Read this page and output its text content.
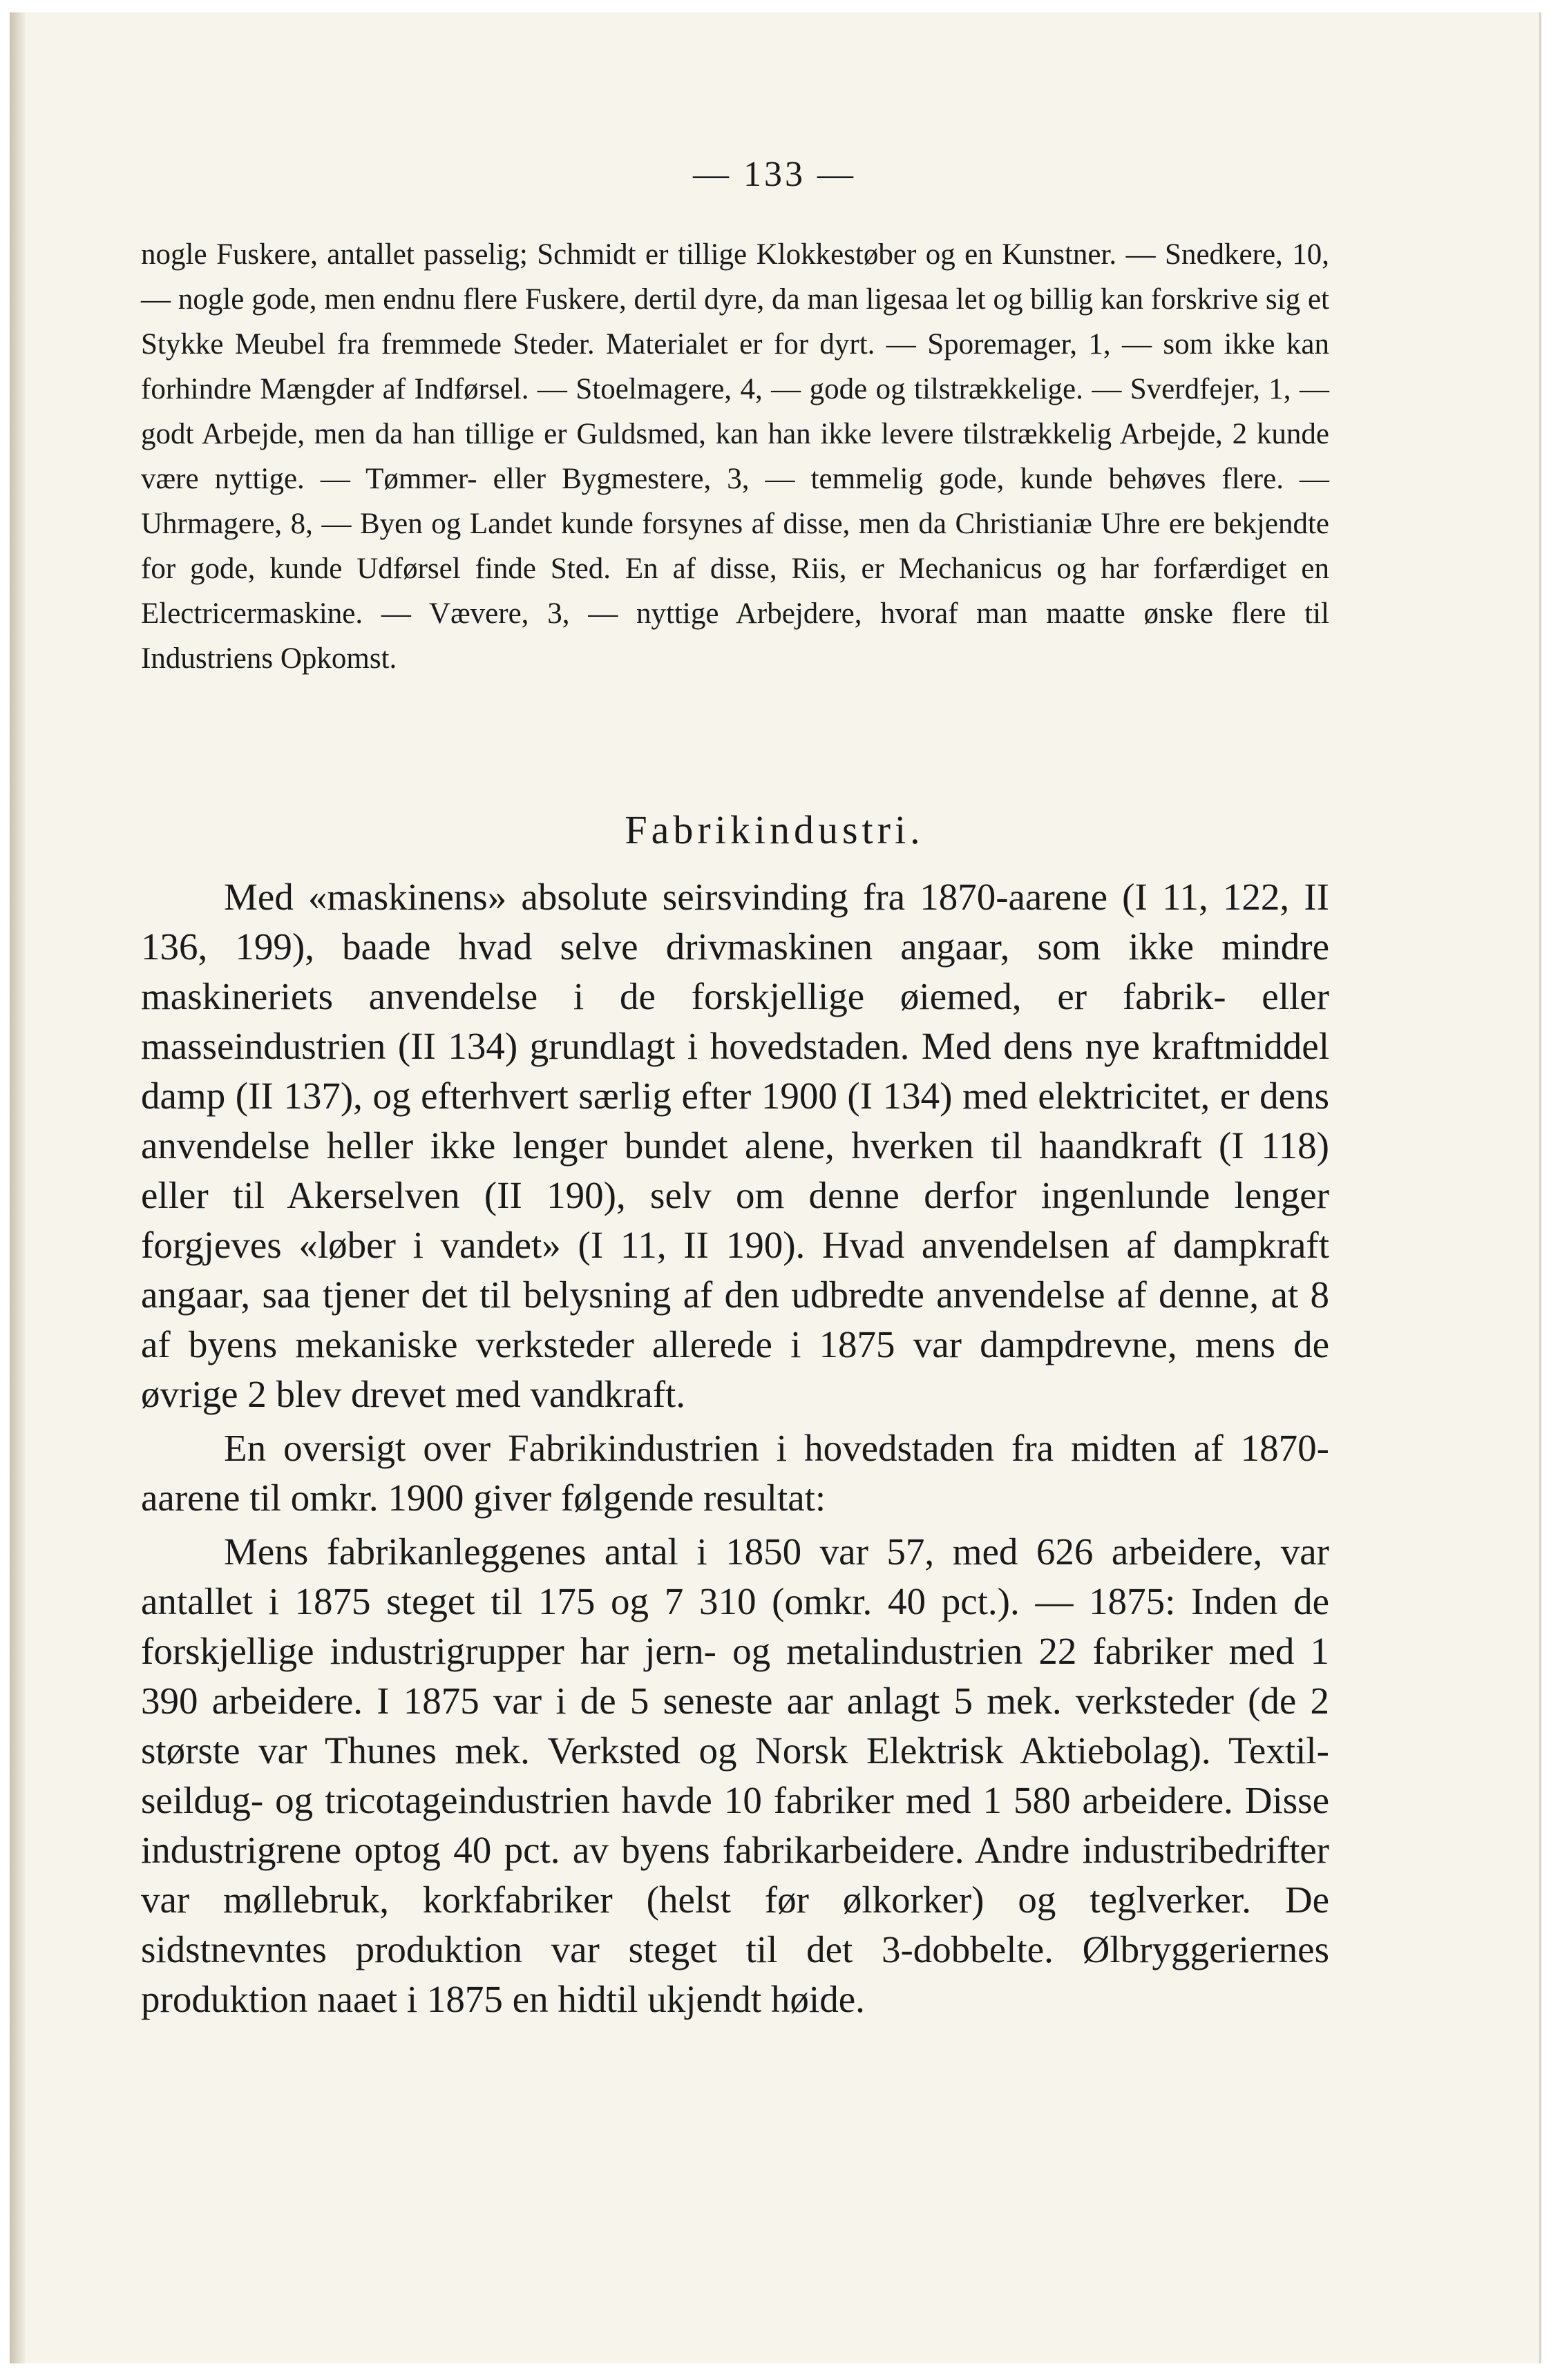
— 133 —

nogle Fuskere, antallet passelig; Schmidt er tillige Klokkestøber og en Kunstner. — Snedkere, 10, — nogle gode, men endnu flere Fuskere, dertil dyre, da man ligesaa let og billig kan forskrive sig et Stykke Meubel fra fremmede Steder. Materialet er for dyrt. — Sporemager, 1, — som ikke kan forhindre Mængder af Indførsel. — Stoelmagere, 4, — gode og tilstrækkelige. — Sverdfejer, 1, — godt Arbejde, men da han tillige er Guldsmed, kan han ikke levere tilstrækkelig Arbejde, 2 kunde være nyttige. — Tømmer- eller Bygmestere, 3, — temmelig gode, kunde behøves flere. — Uhrmagere, 8, — Byen og Landet kunde forsynes af disse, men da Christianiæ Uhre ere bekjendte for gode, kunde Udførsel finde Sted. En af disse, Riis, er Mechanicus og har forfærdiget en Electricermaskine. — Vævere, 3, — nyttige Arbejdere, hvoraf man maatte ønske flere til Industriens Opkomst.

Fabrikindustri.

Med «maskinens» absolute seirsvinding fra 1870-aarene (I 11, 122, II 136, 199), baade hvad selve drivmaskinen angaar, som ikke mindre maskineriets anvendelse i de forskjellige øiemed, er fabrik- eller masseindustrien (II 134) grundlagt i hovedstaden. Med dens nye kraftmiddel damp (II 137), og efterhvert særlig efter 1900 (I 134) med elektricitet, er dens anvendelse heller ikke lenger bundet alene, hverken til haandkraft (I 118) eller til Akerselven (II 190), selv om denne derfor ingenlunde lenger forgjeves «løber i vandet» (I 11, II 190). Hvad anvendelsen af dampkraft angaar, saa tjener det til belysning af den udbredte anvendelse af denne, at 8 af byens mekaniske verksteder allerede i 1875 var dampdrevne, mens de øvrige 2 blev drevet med vandkraft.

En oversigt over Fabrikindustrien i hovedstaden fra midten af 1870-aarene til omkr. 1900 giver følgende resultat:

Mens fabrikanleggenes antal i 1850 var 57, med 626 arbeidere, var antallet i 1875 steget til 175 og 7 310 (omkr. 40 pct.). — 1875: Inden de forskjellige industrigrupper har jern- og metalindustrien 22 fabriker med 1 390 arbeidere. I 1875 var i de 5 seneste aar anlagt 5 mek. verksteder (de 2 største var Thunes mek. Verksted og Norsk Elektrisk Aktiebolag). Textil- seildug- og tricotageindustrien havde 10 fabriker med 1 580 arbeidere. Disse industrigrene optog 40 pct. av byens fabrikarbeidere. Andre industribedrifter var møllebruk, korkfabriker (helst før ølkorker) og teglverker. De sidstnevntes produktion var steget til det 3-dobbelte. Ølbryggeriernes produktion naaet i 1875 en hidtil ukjendt høide.
